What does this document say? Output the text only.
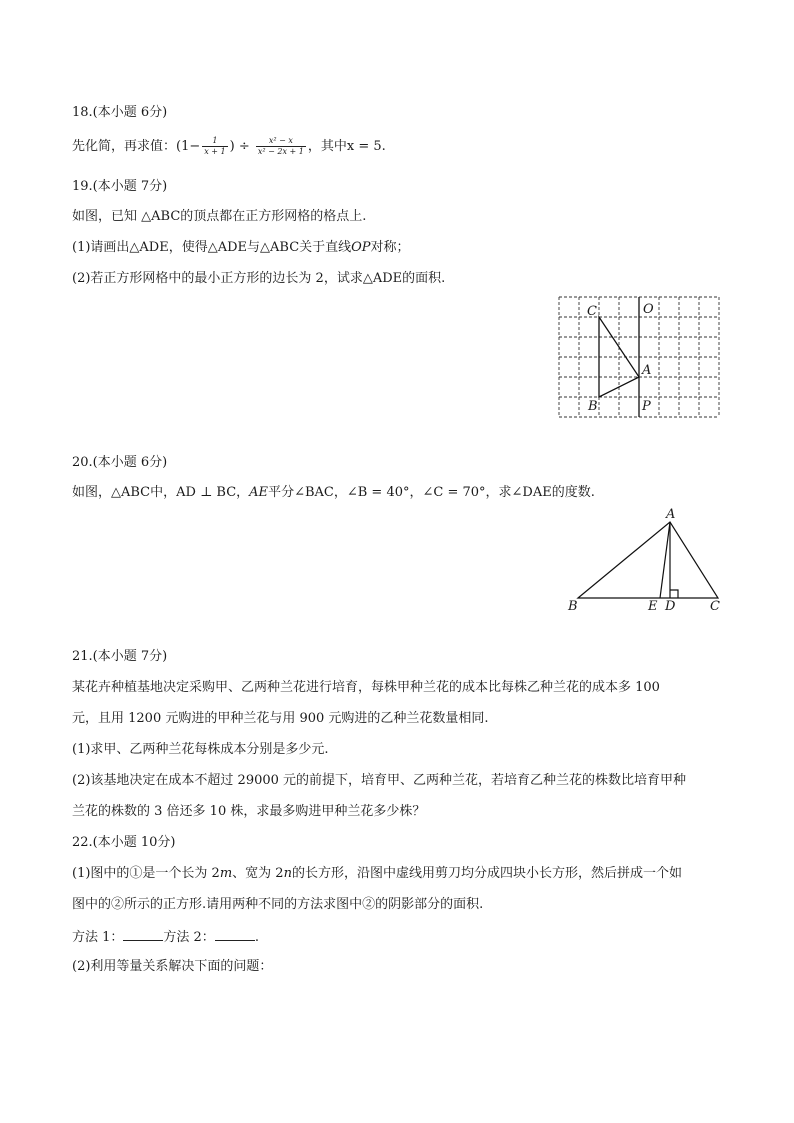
18.(本小题 6分)
先化简，再求值：($1- \frac{1}{x + 1}$ ) ÷ $\frac{\text{x² − x}}{\text{x² − 2x + 1}}$ ，其中x = 5.
19.(本小题 7分)
如图，已知 △ABC的顶点都在正方形网格的格点上.
(1)请画出△ADE，使得△ADE与△ABC关于直线OP对称；
(2)若正方形网格中的最小正方形的边长为 2，试求△ADE的面积.
C	O
A
B	P
20.(本小题 6分)
如图，△ABC中，AD ⊥ BC，AE平分∠BAC，∠B = 40°，∠C = 70°，求∠DAE的度数.
A
B	E D	C
21.(本小题 7分)
某花卉种植基地决定采购甲、乙两种兰花进行培育，每株甲种兰花的成本比每株乙种兰花的成本多 100
元，且用 1200 元购进的甲种兰花与用 900 元购进的乙种兰花数量相同.
(1)求甲、乙两种兰花每株成本分别是多少元.
(2)该基地决定在成本不超过 29000 元的前提下，培育甲、乙两种兰花，若培育乙种兰花的株数比培育甲种
兰花的株数的 3 倍还多 10 株，求最多购进甲种兰花多少株？
22.(本小题 10分)
(1)图中的①是一个长为 2m、宽为 2n的长方形，沿图中虚线用剪刀均分成四块小长方形，然后拼成一个如
图中的②所示的正方形.请用两种不同的方法求图中②的阴影部分的面积.
方法 1：	方法 2：	.
(2)利用等量关系解决下面的问题：
